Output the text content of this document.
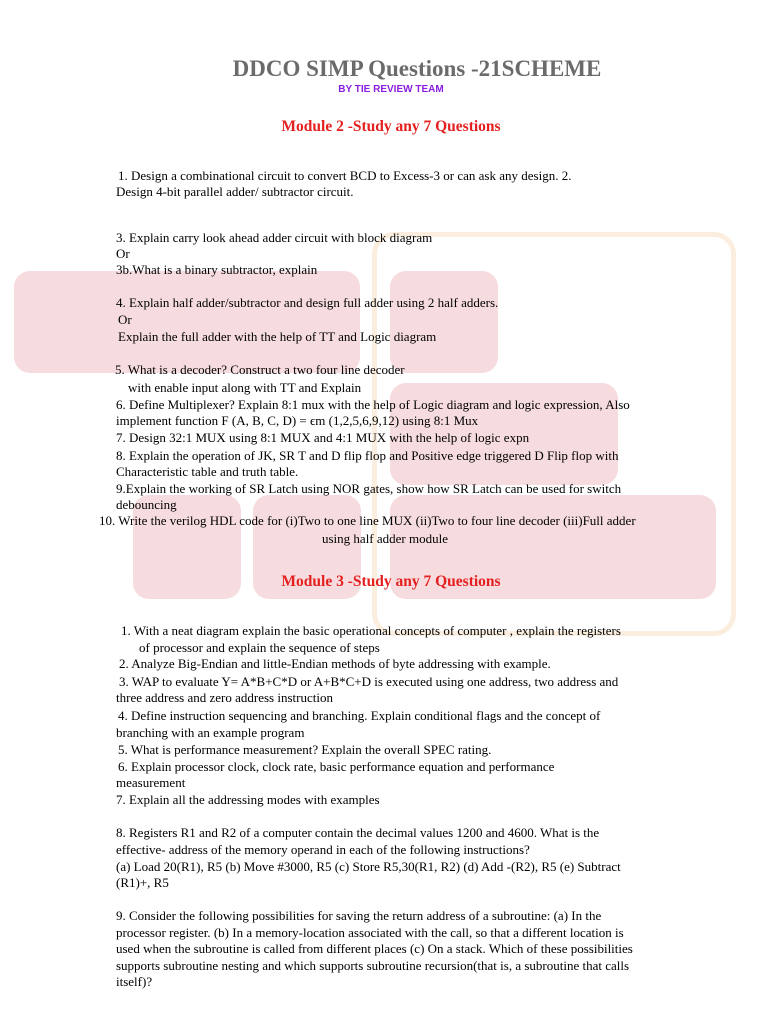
DDCO SIMP Questions -21SCHEME
BY TIE REVIEW TEAM
Module 2 -Study any 7 Questions
1. Design a combinational circuit to convert BCD to Excess-3 or can ask any design. 2.
Design 4-bit parallel adder/ subtractor circuit.
3. Explain carry look ahead adder circuit with block diagram
Or
3b.What is a binary subtractor, explain
4. Explain half adder/subtractor and design full adder using 2 half adders.
Or
Explain the full adder with the help of TT and Logic diagram
5. What is a decoder? Construct a two four line decoder
with enable input along with TT and Explain
6. Define Multiplexer? Explain 8:1 mux with the help of Logic diagram and logic expression, Also
implement function F (A, B, C, D) = ϵm (1,2,5,6,9,12) using 8:1 Mux
7. Design 32:1 MUX using 8:1 MUX and 4:1 MUX with the help of logic expn
8. Explain the operation of JK, SR T and D flip flop and Positive edge triggered D Flip flop with
Characteristic table and truth table.
9.Explain the working of SR Latch using NOR gates, show how SR Latch can be used for switch
debouncing
10. Write the verilog HDL code for (i)Two to one line MUX (ii)Two to four line decoder (iii)Full adder
using half adder module
Module 3 -Study any 7 Questions
1. With a neat diagram explain the basic operational concepts of computer , explain the registers
of processor and explain the sequence of steps
2. Analyze Big-Endian and little-Endian methods of byte addressing with example.
3. WAP to evaluate Y= A*B+C*D or A+B*C+D is executed using one address, two address and
three address and zero address instruction
4. Define instruction sequencing and branching. Explain conditional flags and the concept of
branching with an example program
5. What is performance measurement? Explain the overall SPEC rating.
6. Explain processor clock, clock rate, basic performance equation and performance
measurement
7. Explain all the addressing modes with examples
8. Registers R1 and R2 of a computer contain the decimal values 1200 and 4600. What is the
effective- address of the memory operand in each of the following instructions?
(a) Load 20(R1), R5 (b) Move #3000, R5 (c) Store R5,30(R1, R2) (d) Add -(R2), R5 (e) Subtract
(R1)+, R5
9. Consider the following possibilities for saving the return address of a subroutine: (a) In the
processor register. (b) In a memory-location associated with the call, so that a different location is
used when the subroutine is called from different places (c) On a stack. Which of these possibilities
supports subroutine nesting and which supports subroutine recursion(that is, a subroutine that calls
itself)?
